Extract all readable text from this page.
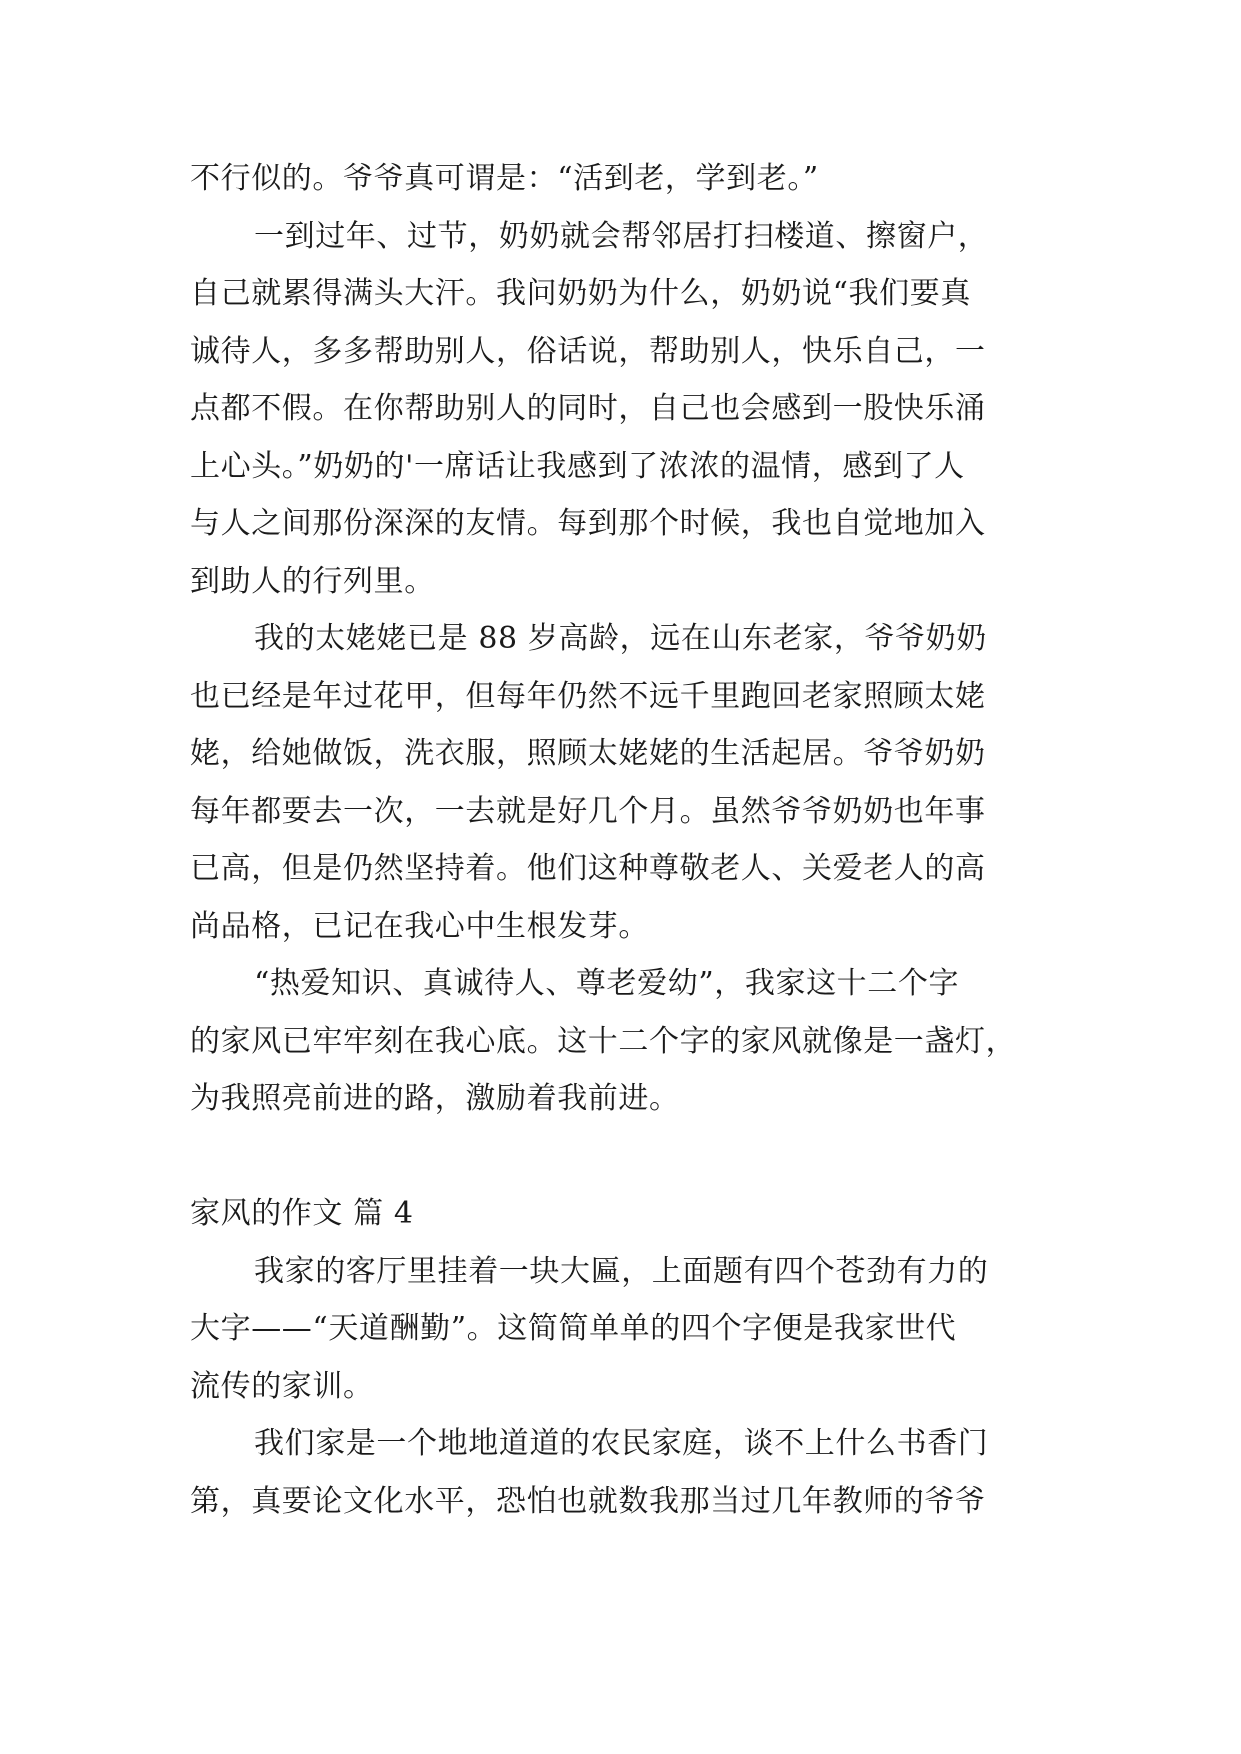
不行似的。爷爷真可谓是：“活到老，学到老。”
一到过年、过节，奶奶就会帮邻居打扫楼道、擦窗户，
自己就累得满头大汗。我问奶奶为什么，奶奶说“我们要真
诚待人，多多帮助别人，俗话说，帮助别人，快乐自己，一
点都不假。在你帮助别人的同时，自己也会感到一股快乐涌
上心头。”奶奶的'一席话让我感到了浓浓的温情，感到了人
与人之间那份深深的友情。每到那个时候，我也自觉地加入
到助人的行列里。
我的太姥姥已是 88 岁高龄，远在山东老家，爷爷奶奶
也已经是年过花甲，但每年仍然不远千里跑回老家照顾太姥
姥，给她做饭，洗衣服，照顾太姥姥的生活起居。爷爷奶奶
每年都要去一次，一去就是好几个月。虽然爷爷奶奶也年事
已高，但是仍然坚持着。他们这种尊敬老人、关爱老人的高
尚品格，已记在我心中生根发芽。
“热爱知识、真诚待人、尊老爱幼”，我家这十二个字
的家风已牢牢刻在我心底。这十二个字的家风就像是一盏灯，
为我照亮前进的路，激励着我前进。
家风的作文 篇 4
我家的客厅里挂着一块大匾，上面题有四个苍劲有力的
大字——“天道酬勤”。这简简单单的四个字便是我家世代
流传的家训。
我们家是一个地地道道的农民家庭，谈不上什么书香门
第，真要论文化水平，恐怕也就数我那当过几年教师的爷爷
